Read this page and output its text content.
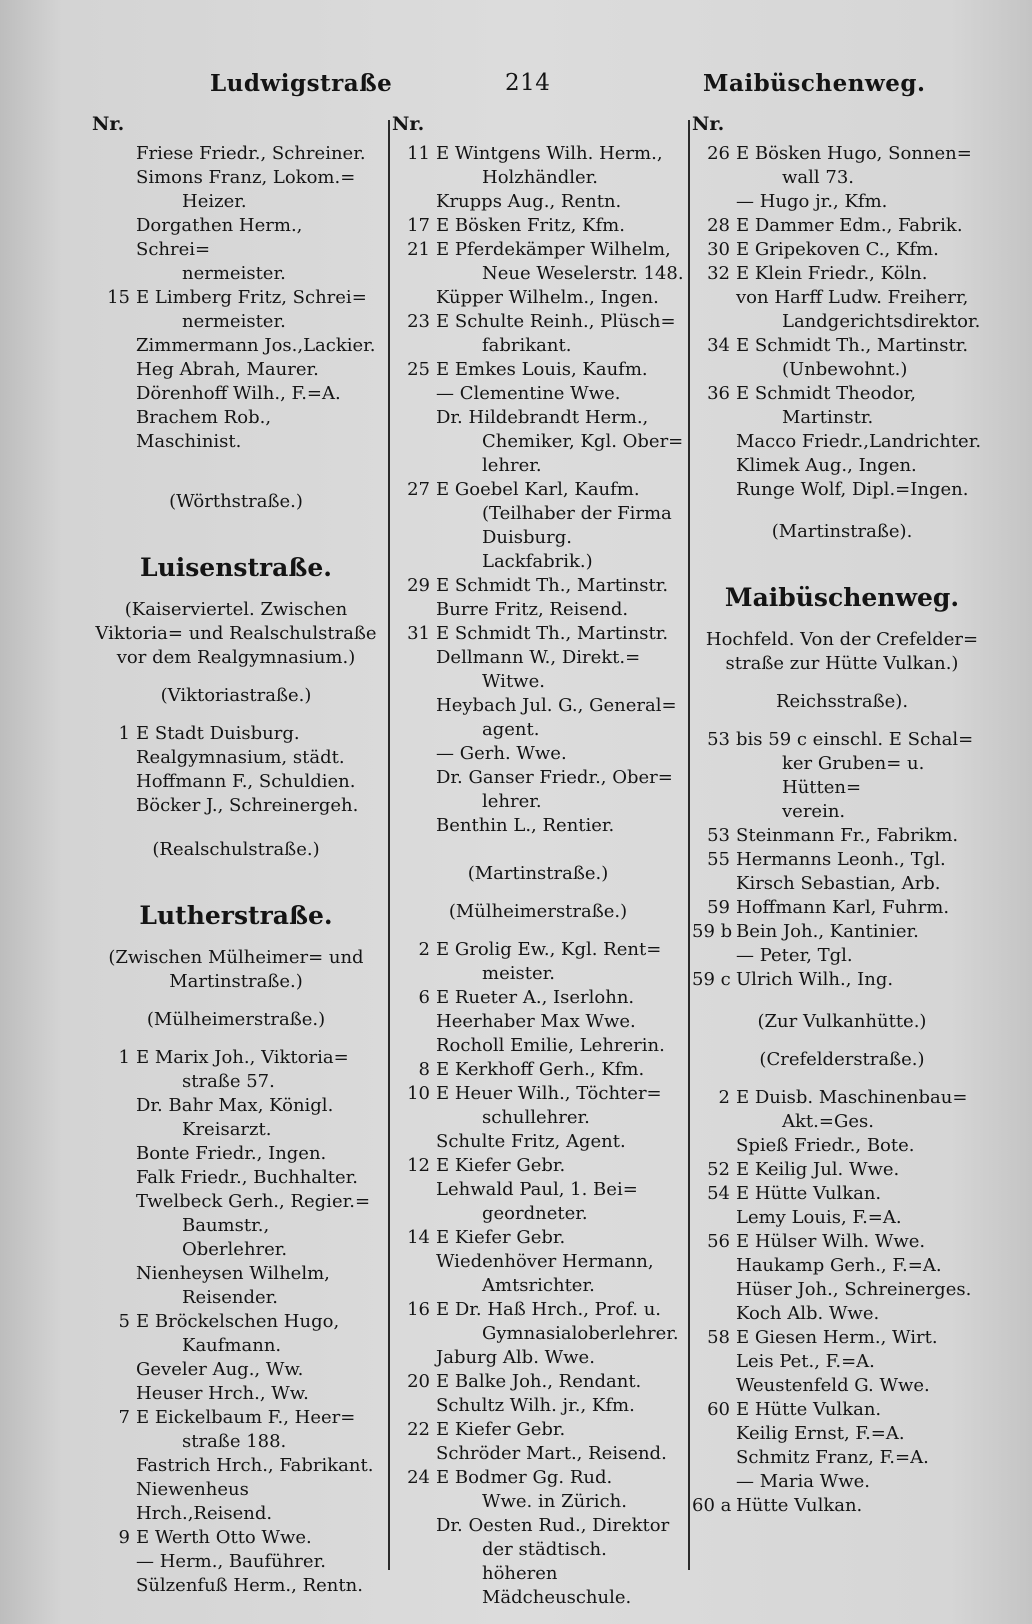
Ludwigstraße	214	Maibüschenweg.
Nr.
Friese Friedr., Schreiner.
Simons Franz, Lokom.=
Heizer.
Dorgathen Herm., Schrei=
nermeister.
15 E Limberg Fritz, Schrei=
nermeister.
Zimmermann Jos.,Lackier.
Heg Abrah, Maurer.
Dörenhoff Wilh., F.=A.
Brachem Rob., Maschinist.
(Wörthstraße.)
Luisenstraße.
(Kaiserviertel. Zwischen
Viktoria= und Realschulstraße
vor dem Realgymnasium.)
(Viktoriastraße.)
1 E Stadt Duisburg.
Realgymnasium, städt.
Hoffmann F., Schuldien.
Böcker J., Schreinergeh.
(Realschulstraße.)
Lutherstraße.
(Zwischen Mülheimer= und
Martinstraße.)
(Mülheimerstraße.)
1 E Marix Joh., Viktoria=
straße 57.
Dr. Bahr Max, Königl.
Kreisarzt.
Bonte Friedr., Ingen.
Falk Friedr., Buchhalter.
Twelbeck Gerh., Regier.=
Baumstr., Oberlehrer.
Nienheysen Wilhelm,
Reisender.
5 E Bröckelschen Hugo,
Kaufmann.
Geveler Aug., Ww.
Heuser Hrch., Ww.
7 E Eickelbaum F., Heer=
straße 188.
Fastrich Hrch., Fabrikant.
Niewenheus Hrch.,Reisend.
9 E Werth Otto Wwe.
— Herm., Bauführer.
Sülzenfuß Herm., Rentn.
Nr.
11 E Wintgens Wilh. Herm.,
Holzhändler.
Krupps Aug., Rentn.
17 E Bösken Fritz, Kfm.
21 E Pferdekämper Wilhelm,
Neue Weselerstr. 148.
Küpper Wilhelm., Ingen.
23 E Schulte Reinh., Plüsch=
fabrikant.
25 E Emkes Louis, Kaufm.
— Clementine Wwe.
Dr. Hildebrandt Herm.,
Chemiker, Kgl. Ober=
lehrer.
27 E Goebel Karl, Kaufm.
(Teilhaber der Firma
Duisburg. Lackfabrik.)
29 E Schmidt Th., Martinstr.
Burre Fritz, Reisend.
31 E Schmidt Th., Martinstr.
Dellmann W., Direkt.=
Witwe.
Heybach Jul. G., General=
agent.
— Gerh. Wwe.
Dr. Ganser Friedr., Ober=
lehrer.
Benthin L., Rentier.
(Martinstraße.)
(Mülheimerstraße.)
2 E Grolig Ew., Kgl. Rent=
meister.
6 E Rueter A., Iserlohn.
Heerhaber Max Wwe.
Rocholl Emilie, Lehrerin.
8 E Kerkhoff Gerh., Kfm.
10 E Heuer Wilh., Töchter=
schullehrer.
Schulte Fritz, Agent.
12 E Kiefer Gebr.
Lehwald Paul, 1. Bei=
geordneter.
14 E Kiefer Gebr.
Wiedenhöver Hermann,
Amtsrichter.
16 E Dr. Haß Hrch., Prof. u.
Gymnasialoberlehrer.
Jaburg Alb. Wwe.
20 E Balke Joh., Rendant.
Schultz Wilh. jr., Kfm.
22 E Kiefer Gebr.
Schröder Mart., Reisend.
24 E Bodmer Gg. Rud.
Wwe. in Zürich.
Dr. Oesten Rud., Direktor
der städtisch. höheren
Mädcheuschule.
Nr.
26 E Bösken Hugo, Sonnen=
wall 73.
— Hugo jr., Kfm.
28 E Dammer Edm., Fabrik.
30 E Gripekoven C., Kfm.
32 E Klein Friedr., Köln.
von Harff Ludw. Freiherr,
Landgerichtsdirektor.
34 E Schmidt Th., Martinstr.
(Unbewohnt.)
36 E Schmidt Theodor,
Martinstr.
Macco Friedr.,Landrichter.
Klimek Aug., Ingen.
Runge Wolf, Dipl.=Ingen.
(Martinstraße).
Maibüschenweg.
Hochfeld. Von der Crefelder=
straße zur Hütte Vulkan.)
Reichsstraße).
53 bis 59 c einschl. E Schal=
ker Gruben= u. Hütten=
verein.
53 Steinmann Fr., Fabrikm.
55 Hermanns Leonh., Tgl.
Kirsch Sebastian, Arb.
59 Hoffmann Karl, Fuhrm.
59 b Bein Joh., Kantinier.
— Peter, Tgl.
59 c Ulrich Wilh., Ing.
(Zur Vulkanhütte.)
(Crefelderstraße.)
2 E Duisb. Maschinenbau=
Akt.=Ges.
Spieß Friedr., Bote.
52 E Keilig Jul. Wwe.
54 E Hütte Vulkan.
Lemy Louis, F.=A.
56 E Hülser Wilh. Wwe.
Haukamp Gerh., F.=A.
Hüser Joh., Schreinerges.
Koch Alb. Wwe.
58 E Giesen Herm., Wirt.
Leis Pet., F.=A.
Weustenfeld G. Wwe.
60 E Hütte Vulkan.
Keilig Ernst, F.=A.
Schmitz Franz, F.=A.
— Maria Wwe.
60 a Hütte Vulkan.
